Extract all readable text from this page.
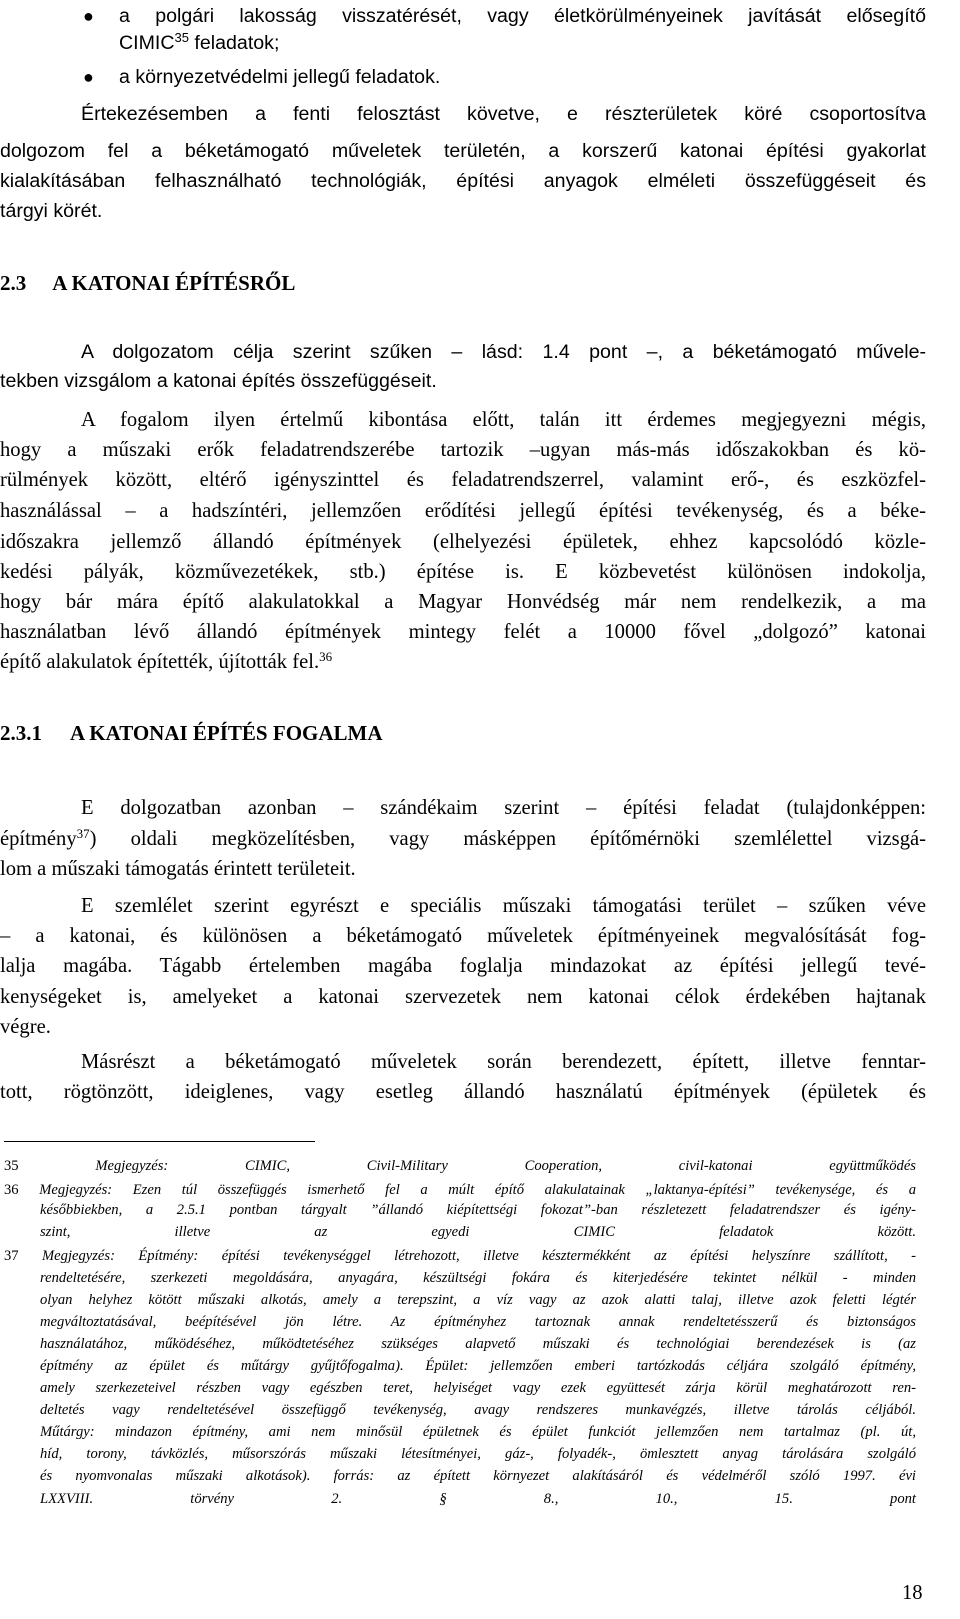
● a polgári lakosság visszatérését, vagy életkörülményeinek javítását elősegítő
CIMIC$^{35}$ feladatok;
● a környezetvédelmi jellegű feladatok.
Értekezésemben a fenti felosztást követve, e részterületek köré csoportosítva
dolgozom fel a béketámogató műveletek területén, a korszerű katonai építési gyakorlat
kialakításában felhasználható technológiák, építési anyagok elméleti összefüggéseit és
tárgyi körét.
2.3 A KATONAI ÉPÍTÉSRŐL
A dolgozatom célja szerint szűken – lásd: 1.4 pont –, a béketámogató művele-
tekben vizsgálom a katonai építés összefüggéseit.
A fogalom ilyen értelmű kibontása előtt, talán itt érdemes megjegyezni mégis,
hogy a műszaki erők feladatrendszerébe tartozik –ugyan más-más időszakokban és kö-
rülmények között, eltérő igényszinttel és feladatrendszerrel, valamint erő-, és eszközfel-
használással – a hadszíntéri, jellemzően erődítési jellegű építési tevékenység, és a béke-
időszakra jellemző állandó építmények (elhelyezési épületek, ehhez kapcsolódó közle-
kedési pályák, közművezetékek, stb.) építése is. E közbevetést különösen indokolja,
hogy bár mára építő alakulatokkal a Magyar Honvédség már nem rendelkezik, a ma
használatban lévő állandó építmények mintegy felét a 10000 fővel „dolgozó” katonai
építő alakulatok építették, újították fel.$^{36}$
2.3.1 A KATONAI ÉPÍTÉS FOGALMA
E dolgozatban azonban – szándékaim szerint – építési feladat (tulajdonképpen:
építmény$^{37}$) oldali megközelítésben, vagy másképpen építőmérnöki szemlélettel vizsgá-
lom a műszaki támogatás érintett területeit.
E szemlélet szerint egyrészt e speciális műszaki támogatási terület – szűken véve
– a katonai, és különösen a béketámogató műveletek építményeinek megvalósítását fog-
lalja magába. Tágabb értelemben magába foglalja mindazokat az építési jellegű tevé-
kenységeket is, amelyeket a katonai szervezetek nem katonai célok érdekében hajtanak
végre.
Másrészt a béketámogató műveletek során berendezett, épített, illetve fenntar-
tott, rögtönzött, ideiglenes, vagy esetleg állandó használatú építmények (épületek és
35	Megjegyzés: CIMIC, Civil-Military Cooperation, civil-katonai együttműködés
36 Megjegyzés: Ezen túl összefüggés ismerhető fel a múlt építő alakulatainak „laktanya-építési” tevékenysége, és a
későbbiekben, a 2.5.1 pontban tárgyalt ”állandó kiépítettségi fokozat”-ban részletezett feladatrendszer és igény-
szint, illetve az egyedi CIMIC feladatok között.
37 Megjegyzés: Építmény: építési tevékenységgel létrehozott, illetve késztermékként az építési helyszínre szállított, -
rendeltetésére, szerkezeti megoldására, anyagára, készültségi fokára és kiterjedésére tekintet nélkül - minden
olyan helyhez kötött műszaki alkotás, amely a terepszint, a víz vagy az azok alatti talaj, illetve azok feletti légtér
megváltoztatásával, beépítésével jön létre. Az építményhez tartoznak annak rendeltetésszerű és biztonságos
használatához, működéséhez, működtetéséhez szükséges alapvető műszaki és technológiai berendezések is (az
építmény az épület és műtárgy gyűjtőfogalma). Épület: jellemzően emberi tartózkodás céljára szolgáló építmény,
amely szerkezeteivel részben vagy egészben teret, helyiséget vagy ezek együttesét zárja körül meghatározott ren-
deltetés vagy rendeltetésével összefüggő tevékenység, avagy rendszeres munkavégzés, illetve tárolás céljából.
Műtárgy: mindazon építmény, ami nem minősül épületnek és épület funkciót jellemzően nem tartalmaz (pl. út,
híd, torony, távközlés, műsorszórás műszaki létesítményei, gáz-, folyadék-, ömlesztett anyag tárolására szolgáló
és nyomvonalas műszaki alkotások). forrás: az épített környezet alakításáról és védelméről szóló 1997. évi
LXXVIII. törvény 2. § 8., 10., 15. pont
18
